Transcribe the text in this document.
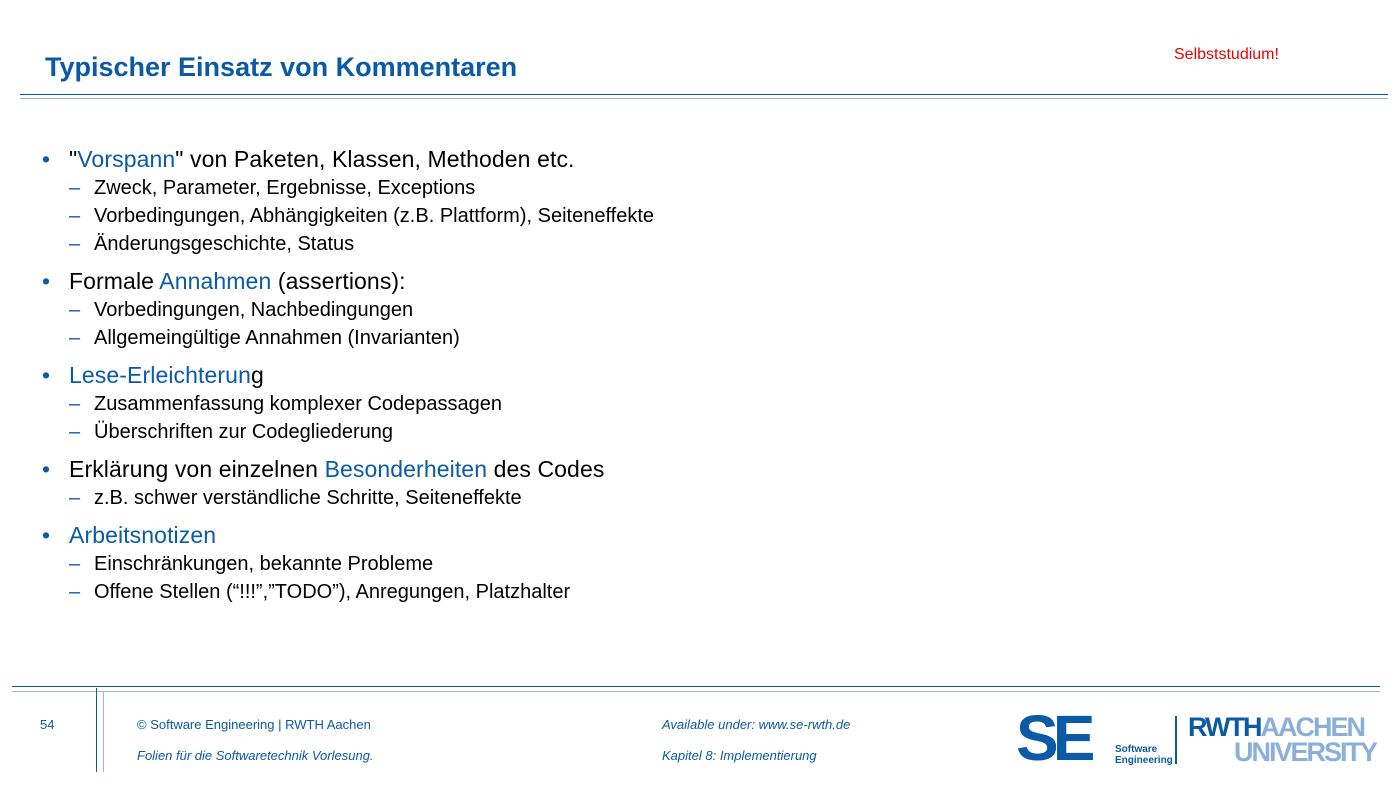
Typischer Einsatz von Kommentaren	Selbststudium!
• "Vorspann" von Paketen, Klassen, Methoden etc.
– Zweck, Parameter, Ergebnisse, Exceptions
– Vorbedingungen, Abhängigkeiten (z.B. Plattform), Seiteneffekte
– Änderungsgeschichte, Status
• Formale Annahmen (assertions):
– Vorbedingungen, Nachbedingungen
– Allgemeingültige Annahmen (Invarianten)
• Lese-Erleichterung
– Zusammenfassung komplexer Codepassagen
– Überschriften zur Codegliederung
• Erklärung von einzelnen Besonderheiten des Codes
– z.B. schwer verständliche Schritte, Seiteneffekte
• Arbeitsnotizen
– Einschränkungen, bekannte Probleme
– Offene Stellen (“!!!”,”TODO”), Anregungen, Platzhalter
54	© Software Engineering | RWTH Aachen
Folien für die Softwaretechnik Vorlesung.
Available under: www.se-rwth.de
Kapitel 8: Implementierung	SE	Software
Engineering
RWTHAACHEN
UNIVERSITY
